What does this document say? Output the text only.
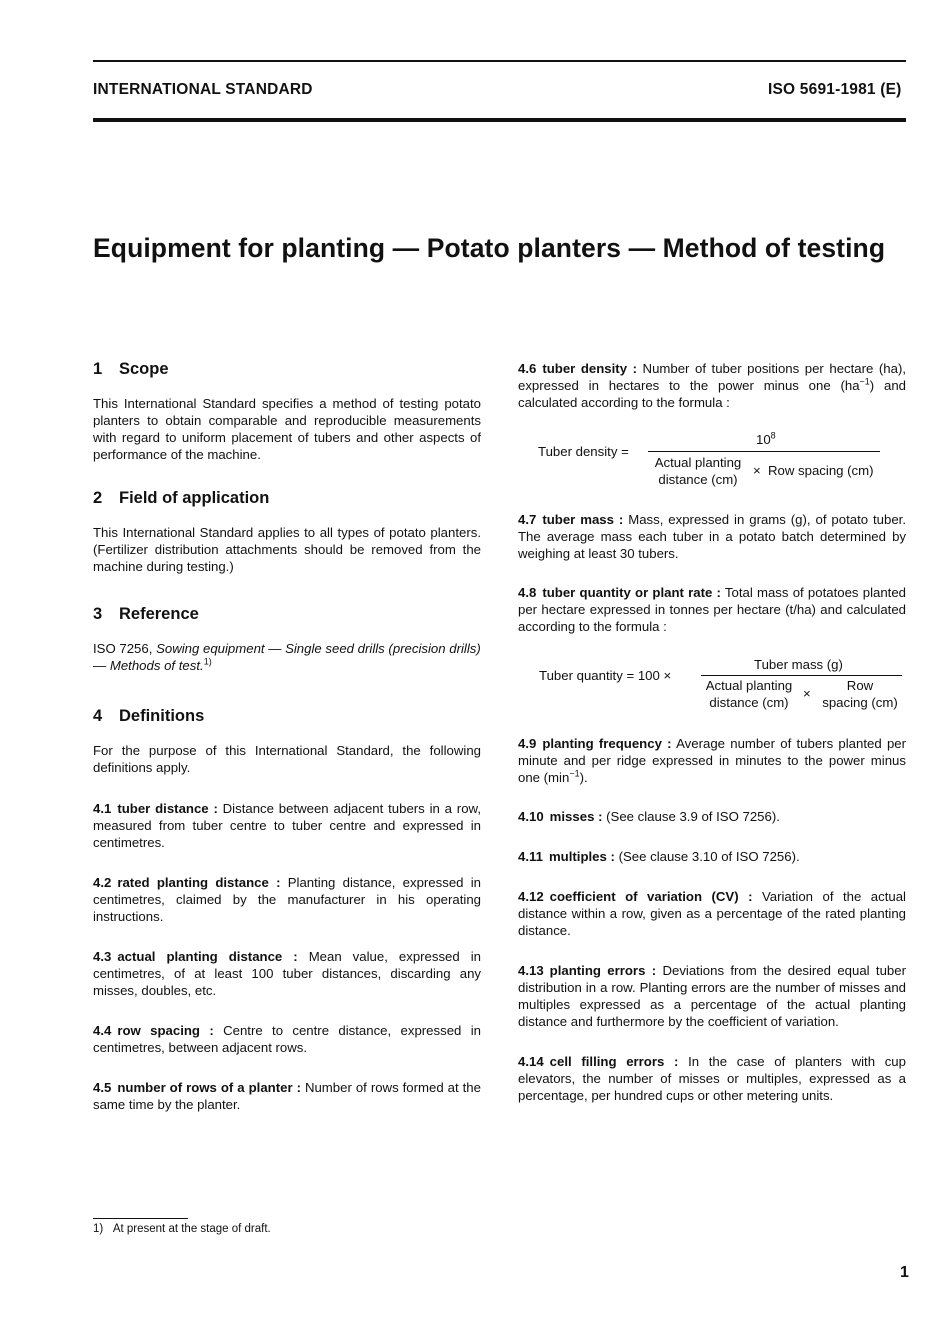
INTERNATIONAL STANDARD	ISO 5691-1981 (E)
Equipment for planting — Potato planters — Method of testing
1 Scope
This International Standard specifies a method of testing potato planters to obtain comparable and reproducible measurements with regard to uniform placement of tubers and other aspects of performance of the machine.
2 Field of application
This International Standard applies to all types of potato planters. (Fertilizer distribution attachments should be removed from the machine during testing.)
3 Reference
ISO 7256, Sowing equipment — Single seed drills (precision drills) — Methods of test.$^{1)}$
4 Definitions
For the purpose of this International Standard, the following definitions apply.
4.1 tuber distance : Distance between adjacent tubers in a row, measured from tuber centre to tuber centre and expressed in centimetres.
4.2 rated planting distance : Planting distance, expressed in centimetres, claimed by the manufacturer in his operating instructions.
4.3 actual planting distance : Mean value, expressed in centimetres, of at least 100 tuber distances, discarding any misses, doubles, etc.
4.4 row spacing : Centre to centre distance, expressed in centimetres, between adjacent rows.
4.5 number of rows of a planter : Number of rows formed at the same time by the planter.
4.6 tuber density : Number of tuber positions per hectare (ha), expressed in hectares to the power minus one $(ha^{-1})$ and calculated according to the formula :
Tuber density =
$10^8$
Actual planting
distance (cm)
× Row spacing (cm)
4.7 tuber mass : Mass, expressed in grams (g), of potato tuber. The average mass each tuber in a potato batch determined by weighing at least 30 tubers.
4.8 tuber quantity or plant rate : Total mass of potatoes planted per hectare expressed in tonnes per hectare (t/ha) and calculated according to the formula :
Tuber quantity = 100 ×
Tuber mass (g)
Actual planting
distance (cm)
×
Row
spacing (cm)
4.9 planting frequency : Average number of tubers planted per minute and per ridge expressed in minutes to the power minus one $(\min^{-1})$.
4.10 misses : (See clause 3.9 of ISO 7256).
4.11 multiples : (See clause 3.10 of ISO 7256).
4.12 coefficient of variation (CV) : Variation of the actual distance within a row, given as a percentage of the rated planting distance.
4.13 planting errors : Deviations from the desired equal tuber distribution in a row. Planting errors are the number of misses and multiples expressed as a percentage of the actual planting distance and furthermore by the coefficient of variation.
4.14 cell filling errors : In the case of planters with cup elevators, the number of misses or multiples, expressed as a percentage, per hundred cups or other metering units.
1) At present at the stage of draft.
1
